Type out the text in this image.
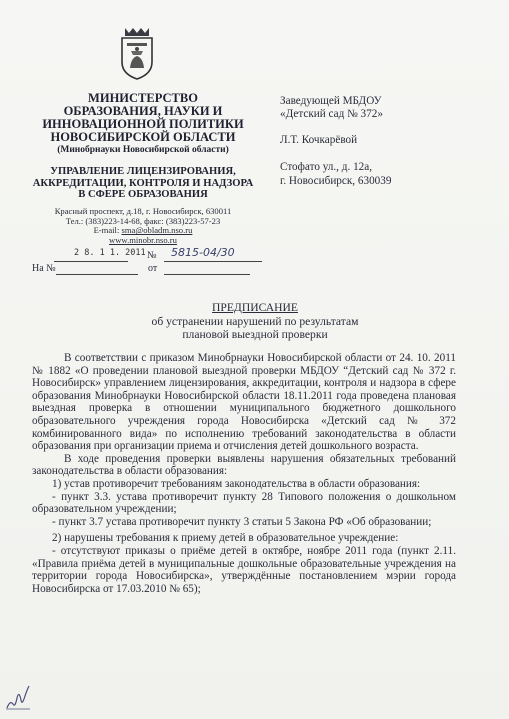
МИНИСТЕРСТВО
ОБРАЗОВАНИЯ, НАУКИ И
ИННОВАЦИОННОЙ ПОЛИТИКИ
НОВОСИБИРСКОЙ ОБЛАСТИ
(Минобрнауки Новосибирской области)
УПРАВЛЕНИЕ ЛИЦЕНЗИРОВАНИЯ,
АККРЕДИТАЦИИ, КОНТРОЛЯ И НАДЗОРА
В СФЕРЕ ОБРАЗОВАНИЯ
Красный проспект, д.18, г. Новосибирск, 630011
Тел.: (383)223-14-68, факс: (383)223-57-23
E-mail: sma@obladm.nso.ru
www.minobr.nso.ru
2 8. 1 1. 2011 № 5815-04/30
На №	от

Заведующей МБДОУ

«Детский сад № 372»

Л.Т. Кочкарёвой

Стофато ул., д. 12а,

г. Новосибирск, 630039

ПРЕДПИСАНИЕ
об устранении нарушений по результатам
плановой выездной проверки

В соответствии с приказом Минобрнауки Новосибирской области от 24. 10. 2011 № 1882 «О проведении плановой выездной проверки МБДОУ “Детский сад № 372 г. Новосибирск» управлением лицензирования, аккредитации, контроля и надзора в сфере образования Минобрнауки Новосибирской области 18.11.2011 года проведена плановая выездная проверка в отношении муниципального бюджетного дошкольного образовательного учреждения города Новосибирска «Детский сад № 372 комбинированного вида» по исполнению требований законодательства в области образования при организации приема и отчисления детей дошкольного возраста.

В ходе проведения проверки выявлены нарушения обязательных требований законодательства в области образования:

1) устав противоречит требованиям законодательства в области образования:

- пункт 3.3. устава противоречит пункту 28 Типового положения о дошкольном образовательном учреждении;

- пункт 3.7 устава противоречит пункту 3 статьи 5 Закона РФ «Об образовании;

2) нарушены требования к приему детей в образовательное учреждение:

- отсутствуют приказы о приёме детей в октябре, ноябре 2011 года (пункт 2.11. «Правила приёма детей в муниципальные дошкольные образовательные учреждения на территории города Новосибирска», утверждённые постановлением мэрии города Новосибирска от 17.03.2010 № 65);
